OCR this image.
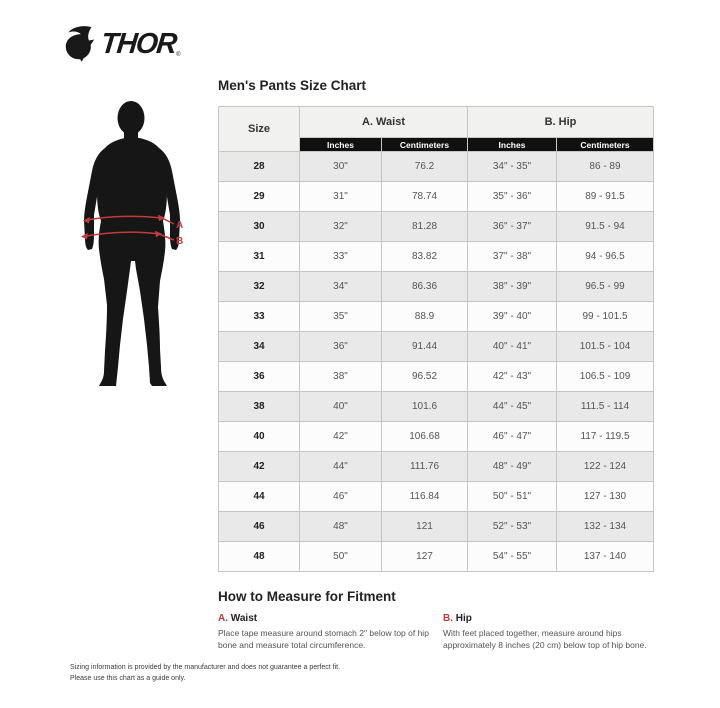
THOR
®
A
B
Men's Pants Size Chart
Size	A. Waist		B. Hip	
	Inches	Centimeters	Inches	Centimeters
28	30"	76.2	34" - 35"	86 - 89
29	31"	78.74	35" - 36"	89 - 91.5
30	32"	81.28	36" - 37"	91.5 - 94
31	33"	83.82	37" - 38"	94 - 96.5
32	34"	86.36	38" - 39"	96.5 - 99
33	35"	88.9	39" - 40"	99 - 101.5
34	36"	91.44	40" - 41"	101.5 - 104
36	38"	96.52	42" - 43"	106.5 - 109
38	40"	101.6	44" - 45"	111.5 - 114
40	42"	106.68	46" - 47"	117 - 119.5
42	44"	111.76	48" - 49"	122 - 124
44	46"	116.84	50" - 51"	127 - 130
46	48"	121	52" - 53"	132 - 134
48	50"	127	54" - 55"	137 - 140
How to Measure for Fitment
A. Waist
Place tape measure around stomach 2" below top of hip bone and measure total circumference.
B. Hip
With feet placed together, measure around hips approximately 8 inches (20 cm) below top of hip bone.
Sizing information is provided by the manufacturer and does not guarantee a perfect fit.
Please use this chart as a guide only.
